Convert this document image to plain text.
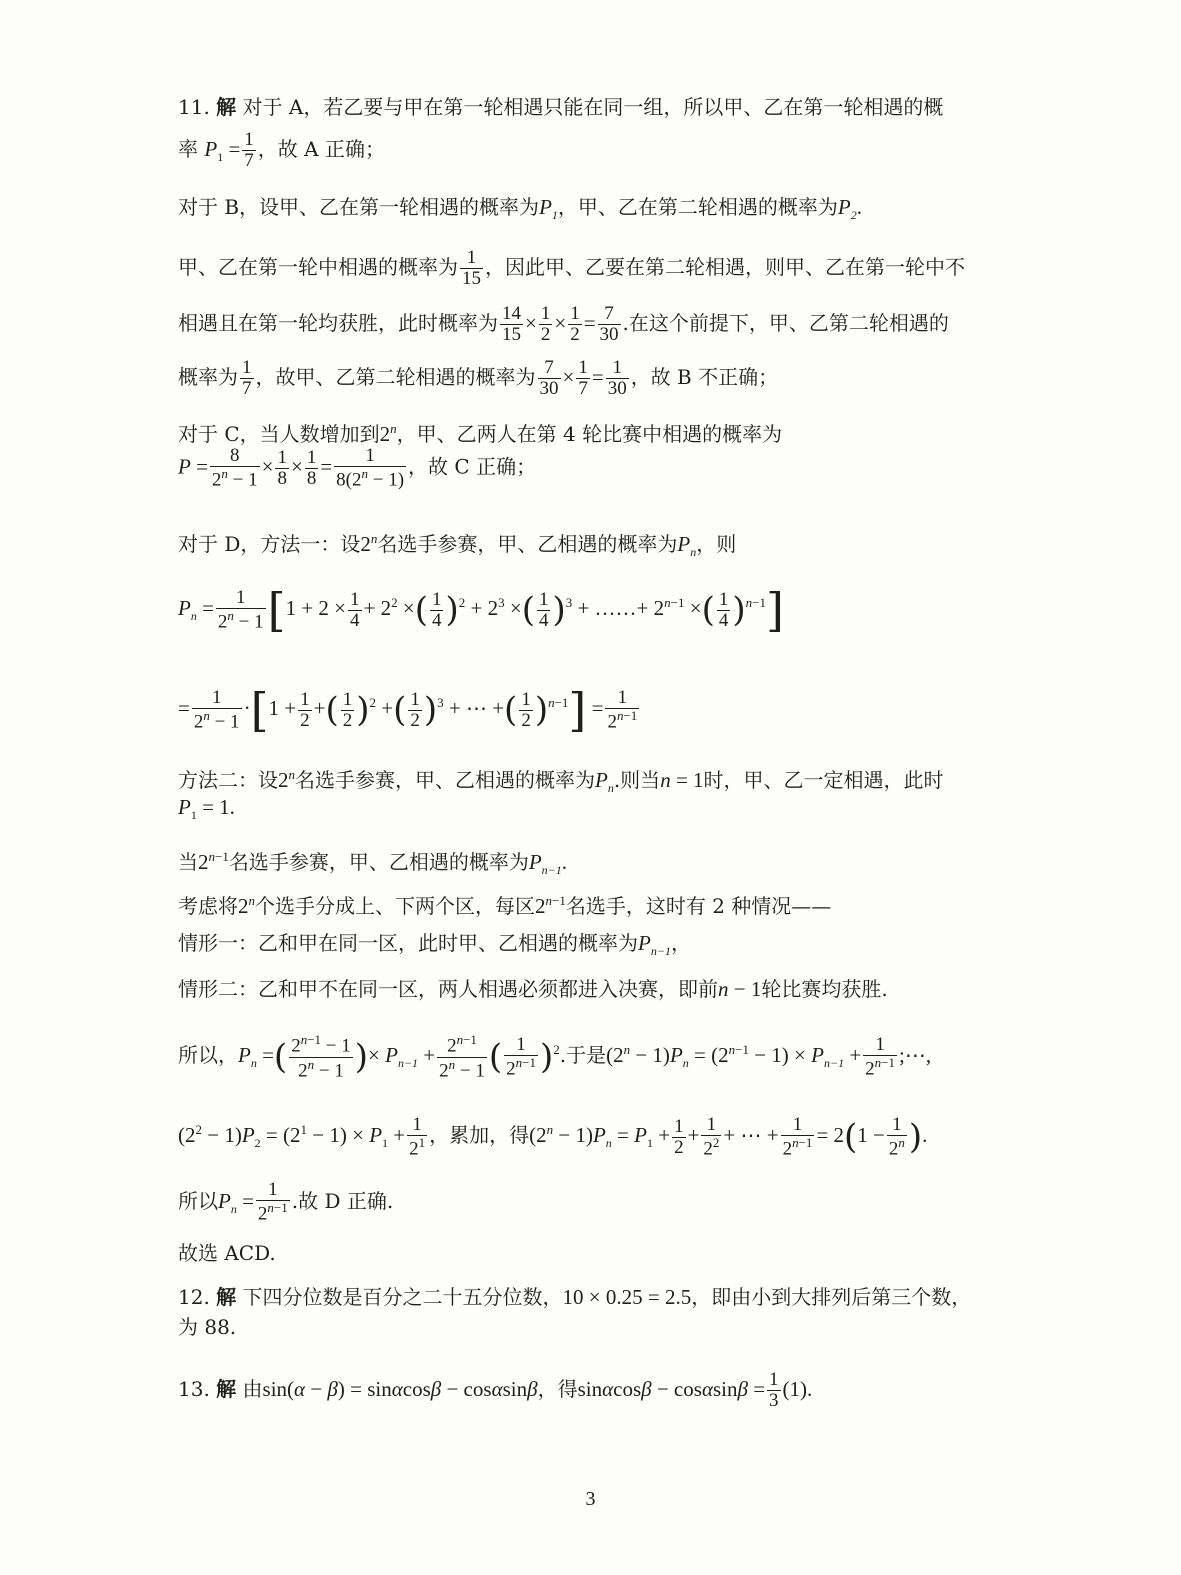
11. 解 对于 A，若乙要与甲在第一轮相遇只能在同一组，所以甲、乙在第一轮相遇的概
率 $P_1 = \frac{1}{7}$ ，故 A 正确；
对于 B，设甲、乙在第一轮相遇的概率为$P_1$，甲、乙在第二轮相遇的概率为$P_2$.
甲、乙在第一轮中相遇的概率为 $\frac{1}{15}$ ，因此甲、乙要在第二轮相遇，则甲、乙在第一轮中不
相遇且在第一轮均获胜，此时概率为 $\frac{14}{15} \times \frac{1}{2} \times \frac{1}{2} = \frac{7}{30}$ .在这个前提下，甲、乙第二轮相遇的
概率为 $\frac{1}{7}$ ，故甲、乙第二轮相遇的概率为 $\frac{7}{30} \times \frac{1}{7} = \frac{1}{30}$ ，故 B 不正确；
对于 C，当人数增加到2$^n$，甲、乙两人在第 4 轮比赛中相遇的概率为
$P = \frac{8}{2^n - 1} \times \frac{1}{8} \times \frac{1}{8} = \frac{1}{8(2^n - 1)}$ ，故 C 正确；
对于 D，方法一：设2$^n$名选手参赛，甲、乙相遇的概率为$P_n$，则
$P_n = \frac{1}{2^n - 1} [1 + 2 \times \frac{1}{4} + 2^2$ ×( $\frac{1}{4} )^2 + 2^3$ ×( $\frac{1}{4} )^3$ + ……+ $2^{n-1}$ ×( $\frac{1}{4} )^{n-1}$]
= $\frac{1}{2^n - 1} \cdot[1 + \frac{1}{2}$ +( $\frac{1}{2} )^2$ +( $\frac{1}{2} )^3$ + ⋯ +( $\frac{1}{2} )^{n-1}] = \frac{1}{2^{n-1}}$
方法二：设2$^n$名选手参赛，甲、乙相遇的概率为$P_n$.则当n = 1时，甲、乙一定相遇，此时
$P_1 = 1$.
当$2^{n-1}$名选手参赛，甲、乙相遇的概率为$P_{n-1}$.
考虑将2$^n$个选手分成上、下两个区，每区$2^{n-1}$名选手，这时有 2 种情况——
情形一：乙和甲在同一区，此时甲、乙相遇的概率为$P_{n-1}$，
情形二：乙和甲不在同一区，两人相遇必须都进入决赛，即前n − 1轮比赛均获胜.
所以，$P_n$ =( $\frac{2^{n-1} - 1}{2^n - 1}$ )× $P_{n-1} + \frac{2^{n-1}}{2^n - 1}$ ( $\frac{1}{2^{n-1}} )^2$.于是$(2^n - 1)P_n = (2^{n-1} - 1) \times P_{n-1} + \frac{1}{2^{n-1}}$ ;⋯,
$(2^2 - 1)P_2 = (2^1 - 1) \times P_1 + \frac{1}{2^1}$ ，累加，得$(2^n - 1)P_n = P_1 + \frac{1}{2} + \frac{1}{2^2}$ + ⋯ + $\frac{1}{2^{n-1}} = 2(1 - \frac{1}{2^n}$ ).
所以$P_n = \frac{1}{2^{n-1}}$ .故 D 正确.
故选 ACD.
12. 解 下四分位数是百分之二十五分位数，10 × 0.25 = 2.5，即由小到大排列后第三个数，
为 88.
13. 解 由sin(α − β) = sinαcosβ − cosαsinβ，得$\sin\alpha\cos\beta - \cos\alpha\sin\beta = \frac{1}{3} (1)$.
3
